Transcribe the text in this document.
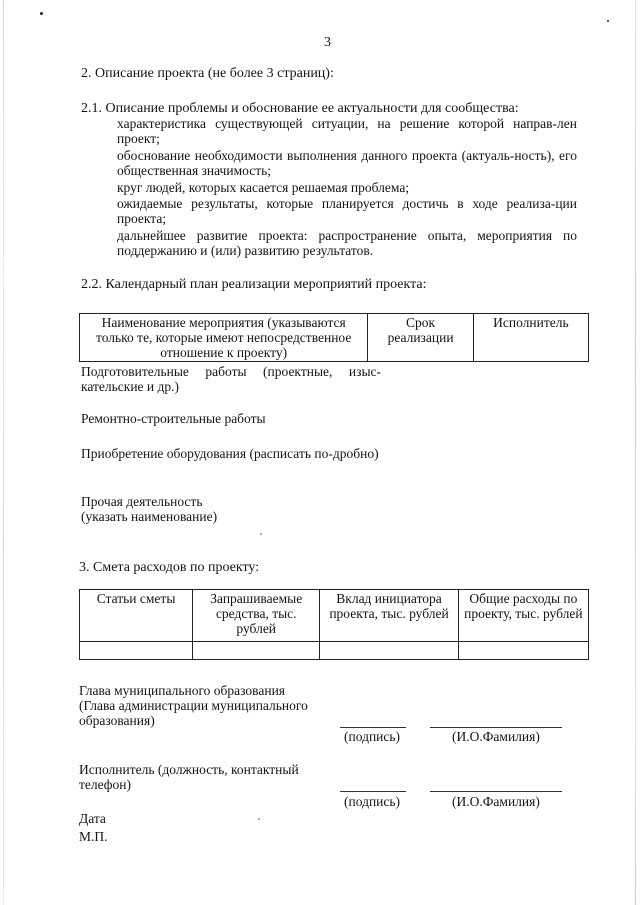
3
2. Описание проекта (не более 3 страниц):
2.1. Описание проблемы и обоснование ее актуальности для сообщества:
характеристика существующей ситуации, на решение которой направ-лен проект;
обоснование необходимости выполнения данного проекта (актуаль-ность), его общественная значимость;
круг людей, которых касается решаемая проблема;
ожидаемые результаты, которые планируется достичь в ходе реализа-ции проекта;
дальнейшее развитие проекта: распространение опыта, мероприятия по поддержанию и (или) развитию результатов.
2.2. Календарный план реализации мероприятий проекта:
Наименование мероприятия (указываются только те, которые имеют непосредственное отношение к проекту)	Срок реализации	Исполнитель
Подготовительные работы (проектные, изыс-кательские и др.)
Ремонтно-строительные работы
Приобретение оборудования (расписать по-дробно)
Прочая деятельность (указать наименование)
3. Смета расходов по проекту:
Статьи сметы	Запрашиваемые средства, тыс. рублей	Вклад инициатора проекта, тыс. рублей	Общие расходы по проекту, тыс. рублей

Глава муниципального образования (Глава администрации муниципального образования)
(подпись)	(И.О.Фамилия)
Исполнитель (должность, контактный телефон)
(подпись)	(И.О.Фамилия)
Дата
М.П.
